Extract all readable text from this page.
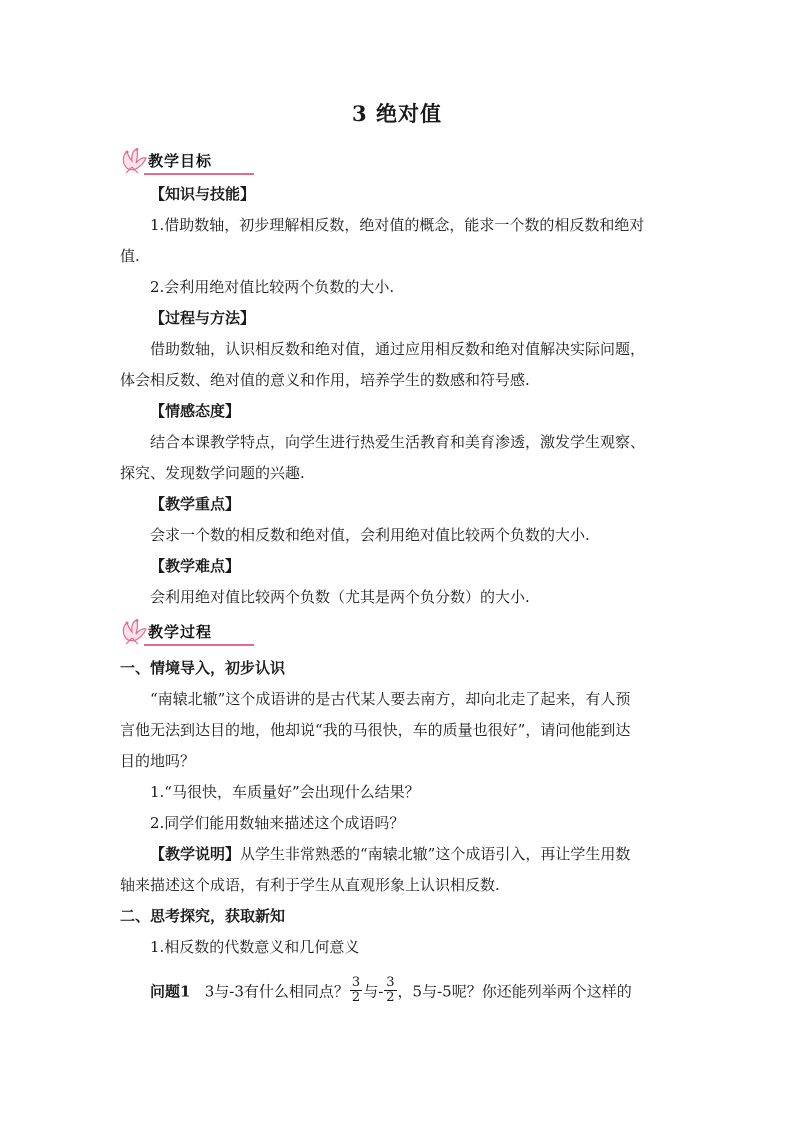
3 绝对值
教学目标
【知识与技能】
1.借助数轴，初步理解相反数，绝对值的概念，能求一个数的相反数和绝对
值.
2.会利用绝对值比较两个负数的大小.
【过程与方法】
借助数轴，认识相反数和绝对值，通过应用相反数和绝对值解决实际问题，
体会相反数、绝对值的意义和作用，培养学生的数感和符号感.
【情感态度】
结合本课教学特点，向学生进行热爱生活教育和美育渗透，激发学生观察、
探究、发现数学问题的兴趣.
【教学重点】
会求一个数的相反数和绝对值，会利用绝对值比较两个负数的大小.
【教学难点】
会利用绝对值比较两个负数（尤其是两个负分数）的大小.
教学过程
一、情境导入，初步认识
“南辕北辙”这个成语讲的是古代某人要去南方，却向北走了起来，有人预
言他无法到达目的地，他却说“我的马很快，车的质量也很好”，请问他能到达
目的地吗？
1.“马很快，车质量好”会出现什么结果？
2.同学们能用数轴来描述这个成语吗？
【教学说明】从学生非常熟悉的“南辕北辙”这个成语引入，再让学生用数
轴来描述这个成语，有利于学生从直观形象上认识相反数.
二、思考探究，获取新知
1.相反数的代数意义和几何意义
问题1 3与-3有什么相同点？ $\frac{3}{2}$ 与- $\frac{3}{2}$ ，5与-5呢？你还能列举两个这样的
